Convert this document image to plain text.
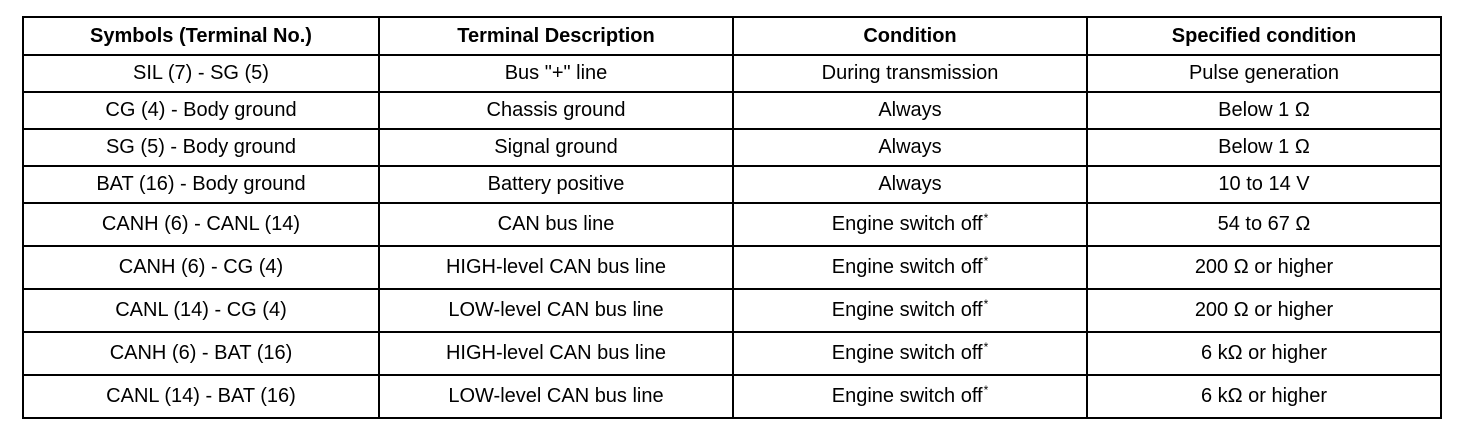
Symbols (Terminal No.)	Terminal Description	Condition	Specified condition
SIL (7) - SG (5)	Bus "+" line	During transmission	Pulse generation
CG (4) - Body ground	Chassis ground	Always	Below 1 Ω
SG (5) - Body ground	Signal ground	Always	Below 1 Ω
BAT (16) - Body ground	Battery positive	Always	10 to 14 V
CANH (6) - CANL (14)	CAN bus line	Engine switch off*	54 to 67 Ω
CANH (6) - CG (4)	HIGH-level CAN bus line	Engine switch off*	200 Ω or higher
CANL (14) - CG (4)	LOW-level CAN bus line	Engine switch off*	200 Ω or higher
CANH (6) - BAT (16)	HIGH-level CAN bus line	Engine switch off*	6 kΩ or higher
CANL (14) - BAT (16)	LOW-level CAN bus line	Engine switch off*	6 kΩ or higher
